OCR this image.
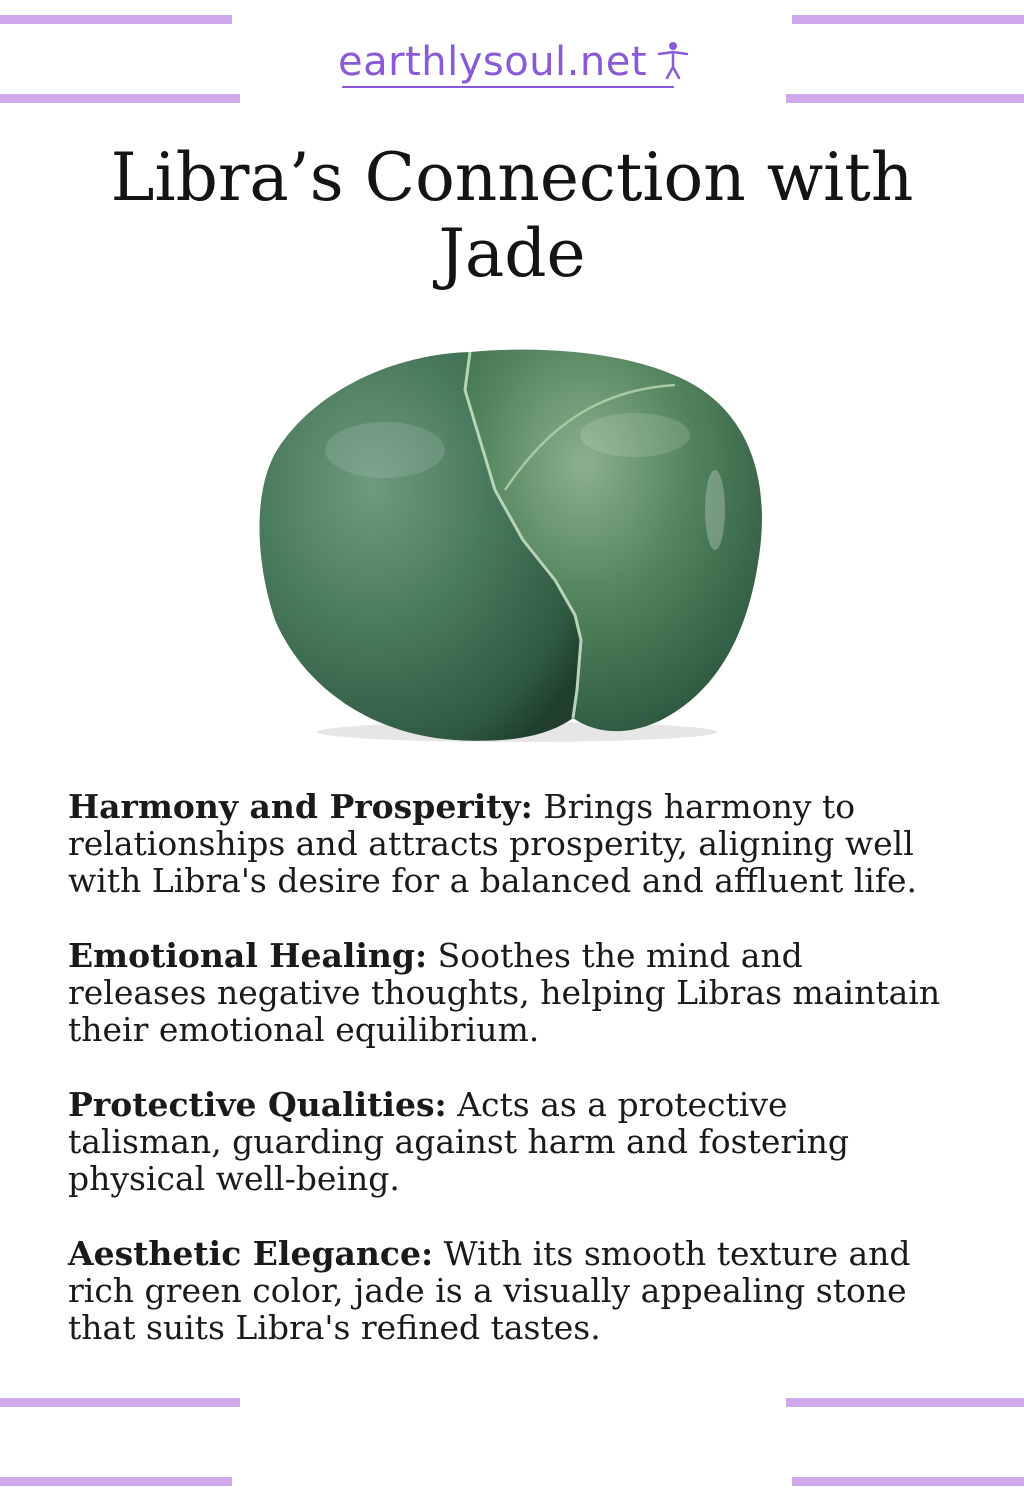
earthlysoul.net
Libra’s Connection with Jade

Harmony and Prosperity: Brings harmony to relationships and attracts prosperity, aligning well with Libra's desire for a balanced and affluent life.

Emotional Healing: Soothes the mind and releases negative thoughts, helping Libras maintain their emotional equilibrium.

Protective Qualities: Acts as a protective talisman, guarding against harm and fostering physical well-being.

Aesthetic Elegance: With its smooth texture and rich green color, jade is a visually appealing stone that suits Libra's refined tastes.
